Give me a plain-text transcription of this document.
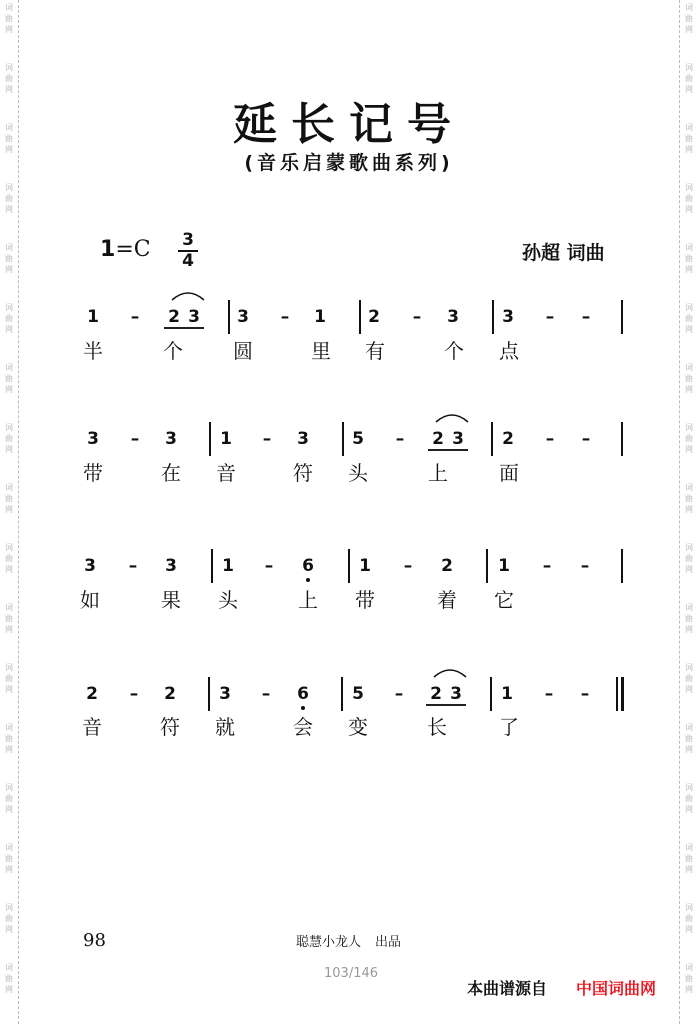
词
曲
网
词
曲
网
词
曲
网
词
曲
网
词
曲
网
词
曲
网
词
曲
网
词
曲
网
词
曲
网
词
曲
网
词
曲
网
词
曲
网
词
曲
网
词
曲
网
词
曲
网
词
曲
网
词
曲
网
词
曲
网
词
曲
网
词
曲
网
词
曲
网
词
曲
网
词
曲
网
词
曲
网
词
曲
网
词
曲
网
词
曲
网
词
曲
网
词
曲
网
词
曲
网
词
曲
网
词
曲
网
词
曲
网
词
曲
网
延长记号
(音乐启蒙歌曲系列)
1=C 3
4	孙超 词曲
1	–	2 3 3	–	1 2	–	3	3	–	–
半	个	圆	里 有	个 点
3	–	3	1	–	3	5	–	2 3 2	–	–
带	在 音	符 头	上	面
3	–	3	1	–	6	1	–	2	1	–	–
如	果 头	上 带	着 它
2	–	2	3	–	6	5	–	2 3 1	–	–
音	符 就	会 变	长	了
98	聪慧小龙人 出品
103/146
本曲谱源自 中国词曲网
